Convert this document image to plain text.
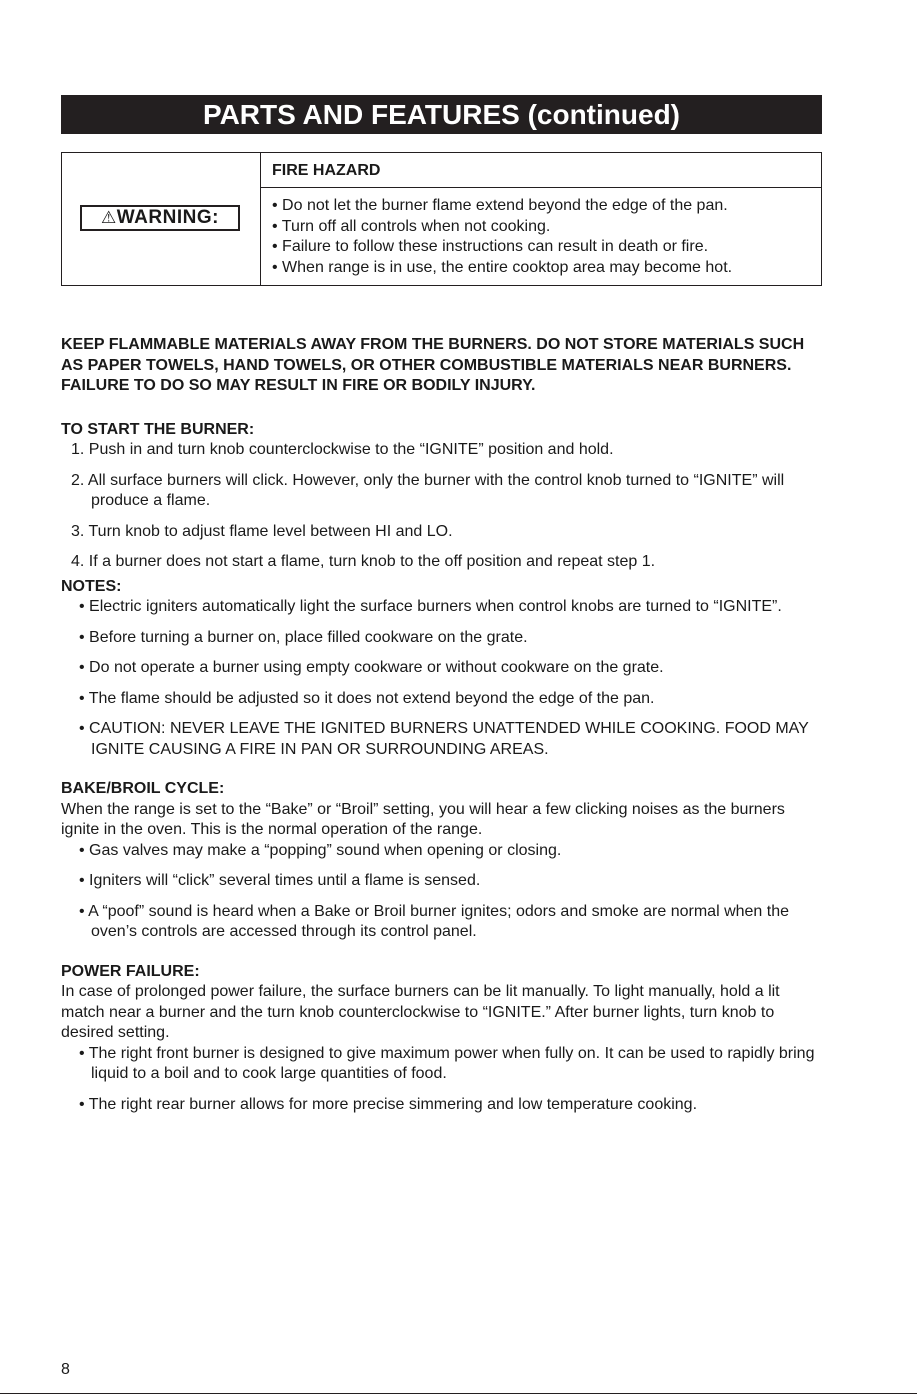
PARTS AND FEATURES (continued)
⚠WARNING:
FIRE HAZARD
• Do not let the burner flame extend beyond the edge of the pan.
• Turn off all controls when not cooking.
• Failure to follow these instructions can result in death or fire.
• When range is in use, the entire cooktop area may become hot.

KEEP FLAMMABLE MATERIALS AWAY FROM THE BURNERS. DO NOT STORE MATERIALS SUCH AS PAPER TOWELS, HAND TOWELS, OR OTHER COMBUSTIBLE MATERIALS NEAR BURNERS. FAILURE TO DO SO MAY RESULT IN FIRE OR BODILY INJURY.

TO START THE BURNER:

1. Push in and turn knob counterclockwise to the “IGNITE” position and hold.
2. All surface burners will click. However, only the burner with the control knob turned to “IGNITE” will produce a flame.
3. Turn knob to adjust flame level between HI and LO.
4. If a burner does not start a flame, turn knob to the off position and repeat step 1.

NOTES:

• Electric igniters automatically light the surface burners when control knobs are turned to “IGNITE”.
• Before turning a burner on, place filled cookware on the grate.
• Do not operate a burner using empty cookware or without cookware on the grate.
• The flame should be adjusted so it does not extend beyond the edge of the pan.
• CAUTION: NEVER LEAVE THE IGNITED BURNERS UNATTENDED WHILE COOKING. FOOD MAY IGNITE CAUSING A FIRE IN PAN OR SURROUNDING AREAS.

BAKE/BROIL CYCLE:

When the range is set to the “Bake” or “Broil” setting, you will hear a few clicking noises as the burners ignite in the oven. This is the normal operation of the range.

• Gas valves may make a “popping” sound when opening or closing.
• Igniters will “click” several times until a flame is sensed.
• A “poof” sound is heard when a Bake or Broil burner ignites; odors and smoke are normal when the oven’s controls are accessed through its control panel.

POWER FAILURE:

In case of prolonged power failure, the surface burners can be lit manually. To light manually, hold a lit match near a burner and the turn knob counterclockwise to “IGNITE.” After burner lights, turn knob to desired setting.

• The right front burner is designed to give maximum power when fully on. It can be used to rapidly bring liquid to a boil and to cook large quantities of food.
• The right rear burner allows for more precise simmering and low temperature cooking.
8
